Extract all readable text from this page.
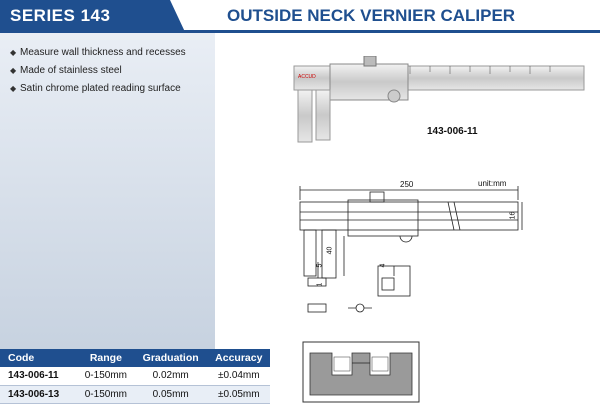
SERIES 143	OUTSIDE NECK VERNIER CALIPER
◆ Measure wall thickness and recesses
◆ Made of stainless steel
◆ Satin chrome plated reading surface
Code	Range	Graduation	Accuracy
143-006-11	0-150mm	0.02mm	±0.04mm
143-006-13	0-150mm	0.05mm	±0.05mm
ACCUD
143-006-11
unit:mm
250
16
40
5
1
4
